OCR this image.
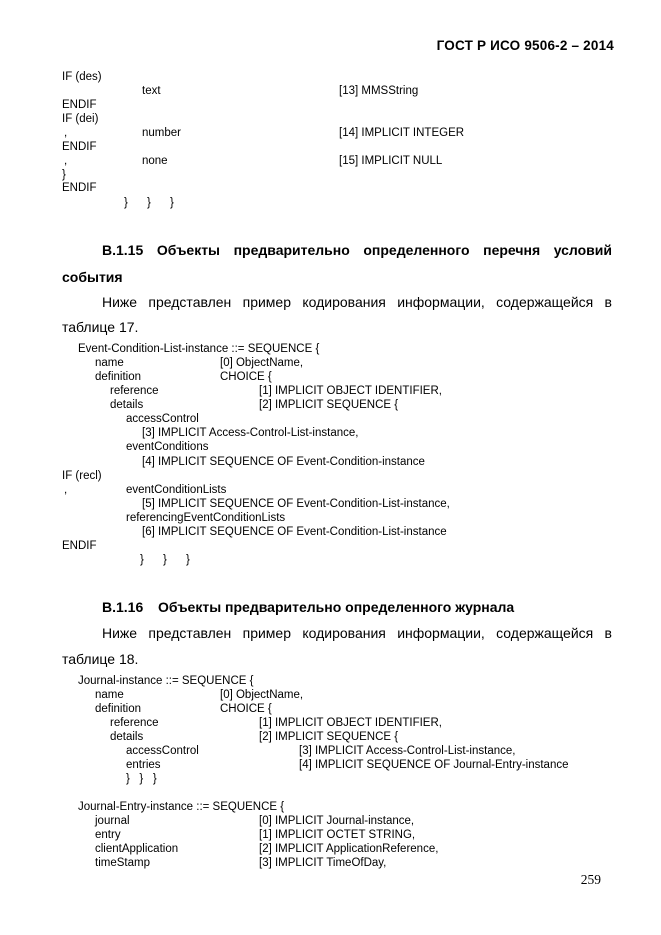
ГОСТ Р ИСО 9506-2 – 2014
IF (des)
text	[13] MMSString
ENDIF
IF (dei)
,	number	[14] IMPLICIT INTEGER
ENDIF
,	none	[15] IMPLICIT NULL
}
ENDIF
}      }      }
B.1.15 Объекты предварительно определенного перечня условий
события
Ниже представлен пример кодирования информации, содержащейся в
таблице 17.
Event-Condition-List-instance ::= SEQUENCE {
name	[0] ObjectName,
definition	CHOICE {
reference	[1] IMPLICIT OBJECT IDENTIFIER,
details	[2] IMPLICIT SEQUENCE {
accessControl
[3] IMPLICIT Access-Control-List-instance,
eventConditions
[4] IMPLICIT SEQUENCE OF Event-Condition-instance
IF (recl)
,	eventConditionLists
[5] IMPLICIT SEQUENCE OF Event-Condition-List-instance,
referencingEventConditionLists
[6] IMPLICIT SEQUENCE OF Event-Condition-List-instance
ENDIF
}      }      }
B.1.16 Объекты предварительно определенного журнала
Ниже представлен пример кодирования информации, содержащейся в
таблице 18.
Journal-instance ::= SEQUENCE {
name	[0] ObjectName,
definition	CHOICE {
reference	[1] IMPLICIT OBJECT IDENTIFIER,
details	[2] IMPLICIT SEQUENCE {
accessControl	[3] IMPLICIT Access-Control-List-instance,
entries	[4] IMPLICIT SEQUENCE OF Journal-Entry-instance
}   }   }
Journal-Entry-instance ::= SEQUENCE {
journal	[0] IMPLICIT Journal-instance,
entry	[1] IMPLICIT OCTET STRING,
clientApplication	[2] IMPLICIT ApplicationReference,
timeStamp	[3] IMPLICIT TimeOfDay,
259
